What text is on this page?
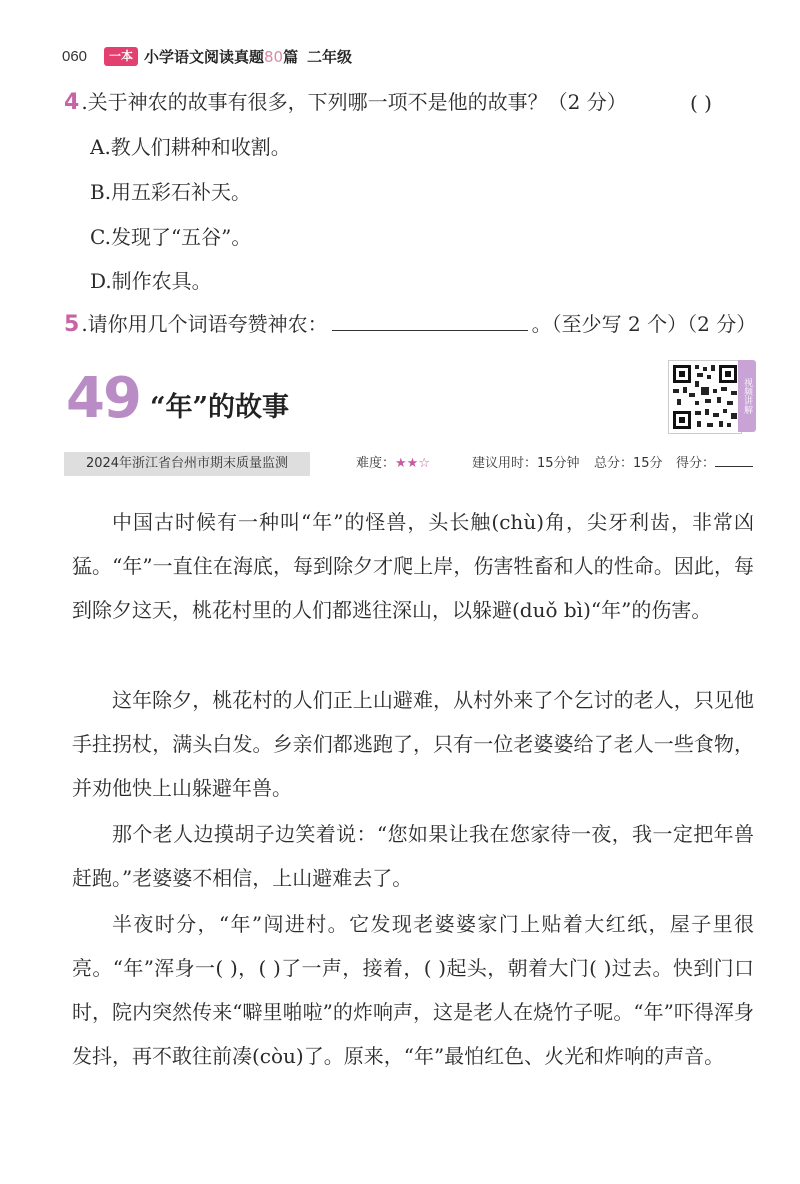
060	一本 小学语文阅读真题80篇 二年级
4 .关于神农的故事有很多，下列哪一项不是他的故事？（2 分）	( )
A.教人们耕种和收割。
B.用五彩石补天。
C.发现了“五谷”。
D.制作农具。
5 .请你用几个词语夸赞神农：	。（至少写 2 个）（2 分）
49 “年”的故事	视频讲解
2024年浙江省台州市期末质量监测	难度：★★☆	建议用时：15分钟 总分：15分 得分：
中国古时候有一种叫“年”的怪兽，头长触(chù)角，尖牙利齿，非常凶猛。“年”一直住在海底，每到除夕才爬上岸，伤害牲畜和人的性命。因此，每到除夕这天，桃花村里的人们都逃往深山，以躲避(duǒ bì)“年”的伤害。
这年除夕，桃花村的人们正上山避难，从村外来了个乞讨的老人，只见他手拄拐杖，满头白发。乡亲们都逃跑了，只有一位老婆婆给了老人一些食物，并劝他快上山躲避年兽。
那个老人边摸胡子边笑着说：“您如果让我在您家待一夜，我一定把年兽赶跑。”老婆婆不相信，上山避难去了。
半夜时分，“年”闯进村。它发现老婆婆家门上贴着大红纸，屋子里很亮。“年”浑身一( )，( )了一声，接着，( )起头，朝着大门( )过去。快到门口时，院内突然传来“噼里啪啦”的炸响声，这是老人在烧竹子呢。“年”吓得浑身发抖，再不敢往前凑(còu)了。原来，“年”最怕红色、火光和炸响的声音。
